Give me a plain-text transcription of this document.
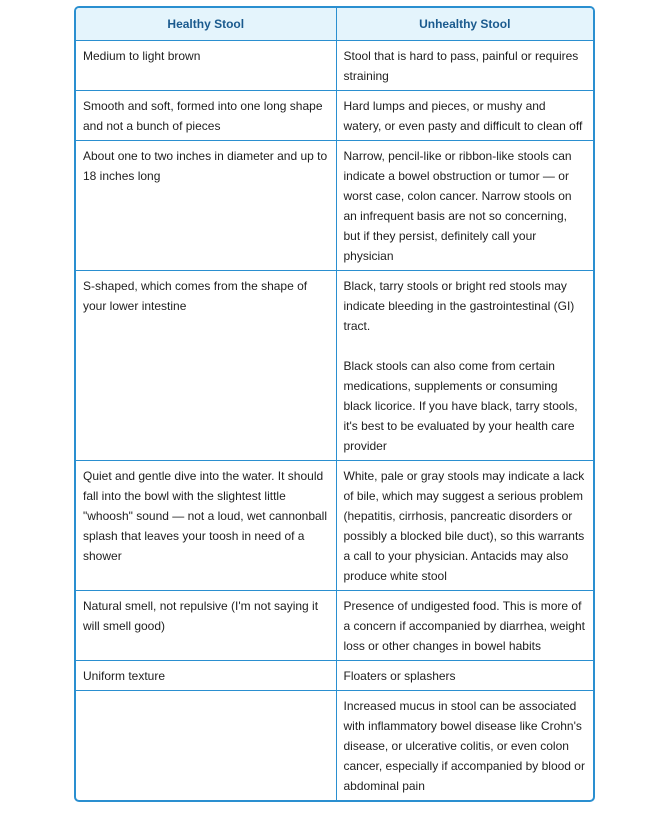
Healthy Stool	Unhealthy Stool
Medium to light brown	Stool that is hard to pass, painful or requires straining

Smooth and soft, formed into one long shape and not a bunch of pieces	Hard lumps and pieces, or mushy and watery, or even pasty and difficult to clean off

About one to two inches in diameter and up to 18 inches long	Narrow, pencil-like or ribbon-like stools can indicate a bowel obstruction or tumor — or worst case, colon cancer. Narrow stools on an infrequent basis are not so concerning, but if they persist, definitely call your physician

S-shaped, which comes from the shape of your lower intestine	Black, tarry stools or bright red stools may indicate bleeding in the gastrointestinal (GI) tract.
Black stools can also come from certain medications, supplements or consuming black licorice. If you have black, tarry stools, it's best to be evaluated by your health care provider

Quiet and gentle dive into the water. It should fall into the bowl with the slightest little "whoosh" sound — not a loud, wet cannonball splash that leaves your toosh in need of a shower	White, pale or gray stools may indicate a lack of bile, which may suggest a serious problem (hepatitis, cirrhosis, pancreatic disorders or possibly a blocked bile duct), so this warrants a call to your physician. Antacids may also produce white stool

Natural smell, not repulsive (I'm not saying it will smell good)	Presence of undigested food. This is more of a concern if accompanied by diarrhea, weight loss or other changes in bowel habits

Uniform texture	Floaters or splashers

	Increased mucus in stool can be associated with inflammatory bowel disease like Crohn's disease, or ulcerative colitis, or even colon cancer, especially if accompanied by blood or abdominal pain
